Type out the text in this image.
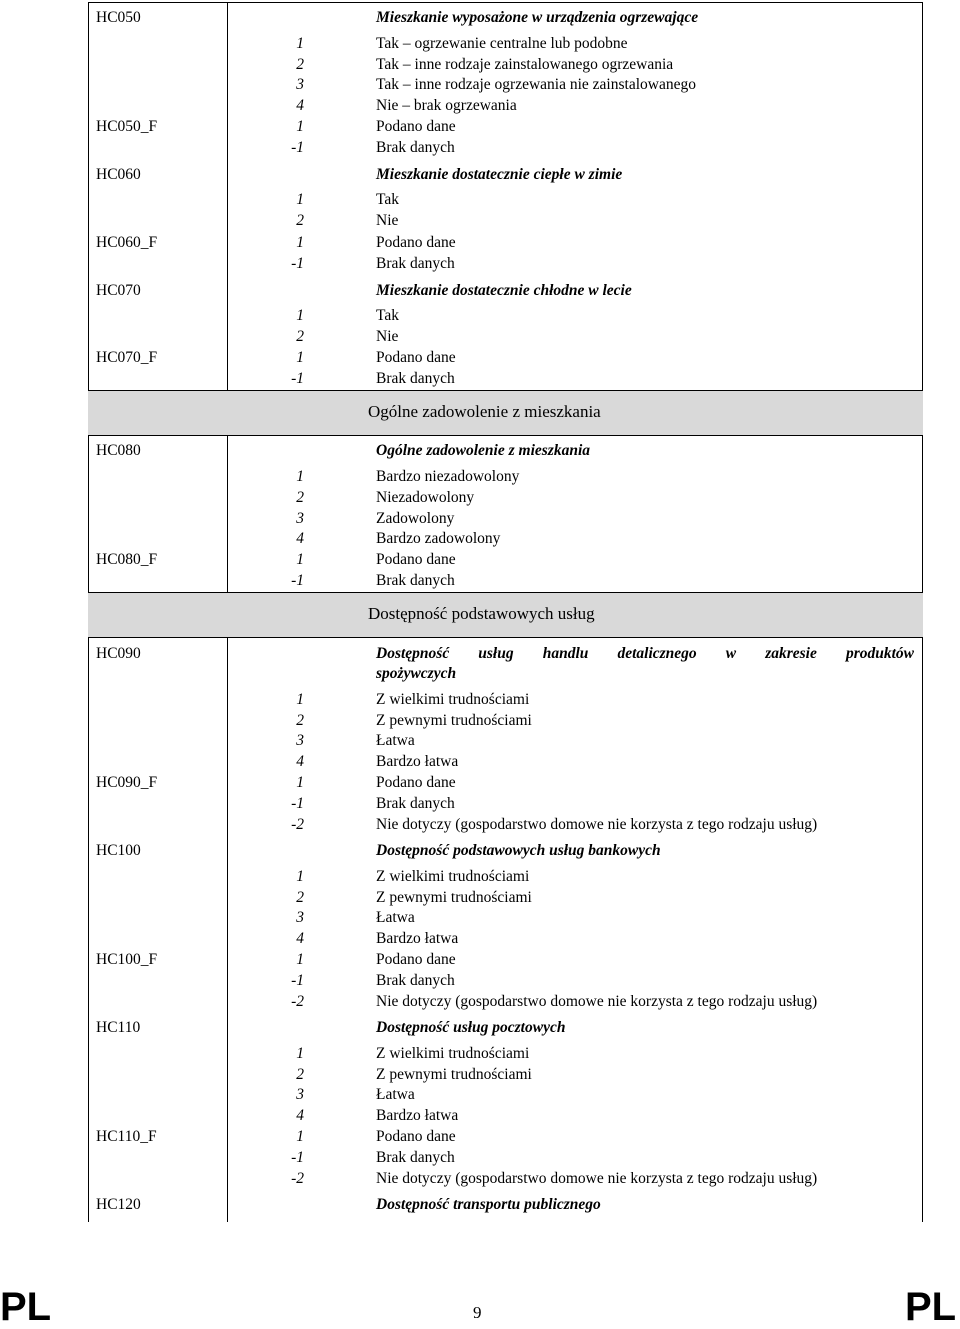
Ogólne zadowolenie z mieszkania
Dostępność podstawowych usług
HC050	Mieszkanie wyposażone w urządzenia ogrzewające
1	Tak – ogrzewanie centralne lub podobne
2	Tak – inne rodzaje zainstalowanego ogrzewania
3	Tak – inne rodzaje ogrzewania nie zainstalowanego
4	Nie – brak ogrzewania
HC050_F	1	Podano dane
-1	Brak danych
HC060	Mieszkanie dostatecznie ciepłe w zimie
1	Tak
2	Nie
HC060_F	1	Podano dane
-1	Brak danych
HC070	Mieszkanie dostatecznie chłodne w lecie
1	Tak
2	Nie
HC070_F	1	Podano dane
-1	Brak danych
HC080	Ogólne zadowolenie z mieszkania
1	Bardzo niezadowolony
2	Niezadowolony
3	Zadowolony
4	Bardzo zadowolony
HC080_F	1	Podano dane
-1	Brak danych
HC090	Dostępność usług handlu detalicznego w zakresie produktów
spożywczych
1	Z wielkimi trudnościami
2	Z pewnymi trudnościami
3	Łatwa
4	Bardzo łatwa
HC090_F	1	Podano dane
-1	Brak danych
-2	Nie dotyczy (gospodarstwo domowe nie korzysta z tego rodzaju usług)
HC100	Dostępność podstawowych usług bankowych
1	Z wielkimi trudnościami
2	Z pewnymi trudnościami
3	Łatwa
4	Bardzo łatwa
HC100_F	1	Podano dane
-1	Brak danych
-2	Nie dotyczy (gospodarstwo domowe nie korzysta z tego rodzaju usług)
HC110	Dostępność usług pocztowych
1	Z wielkimi trudnościami
2	Z pewnymi trudnościami
3	Łatwa
4	Bardzo łatwa
HC110_F	1	Podano dane
-1	Brak danych
-2	Nie dotyczy (gospodarstwo domowe nie korzysta z tego rodzaju usług)
HC120	Dostępność transportu publicznego
PL	9	PL
